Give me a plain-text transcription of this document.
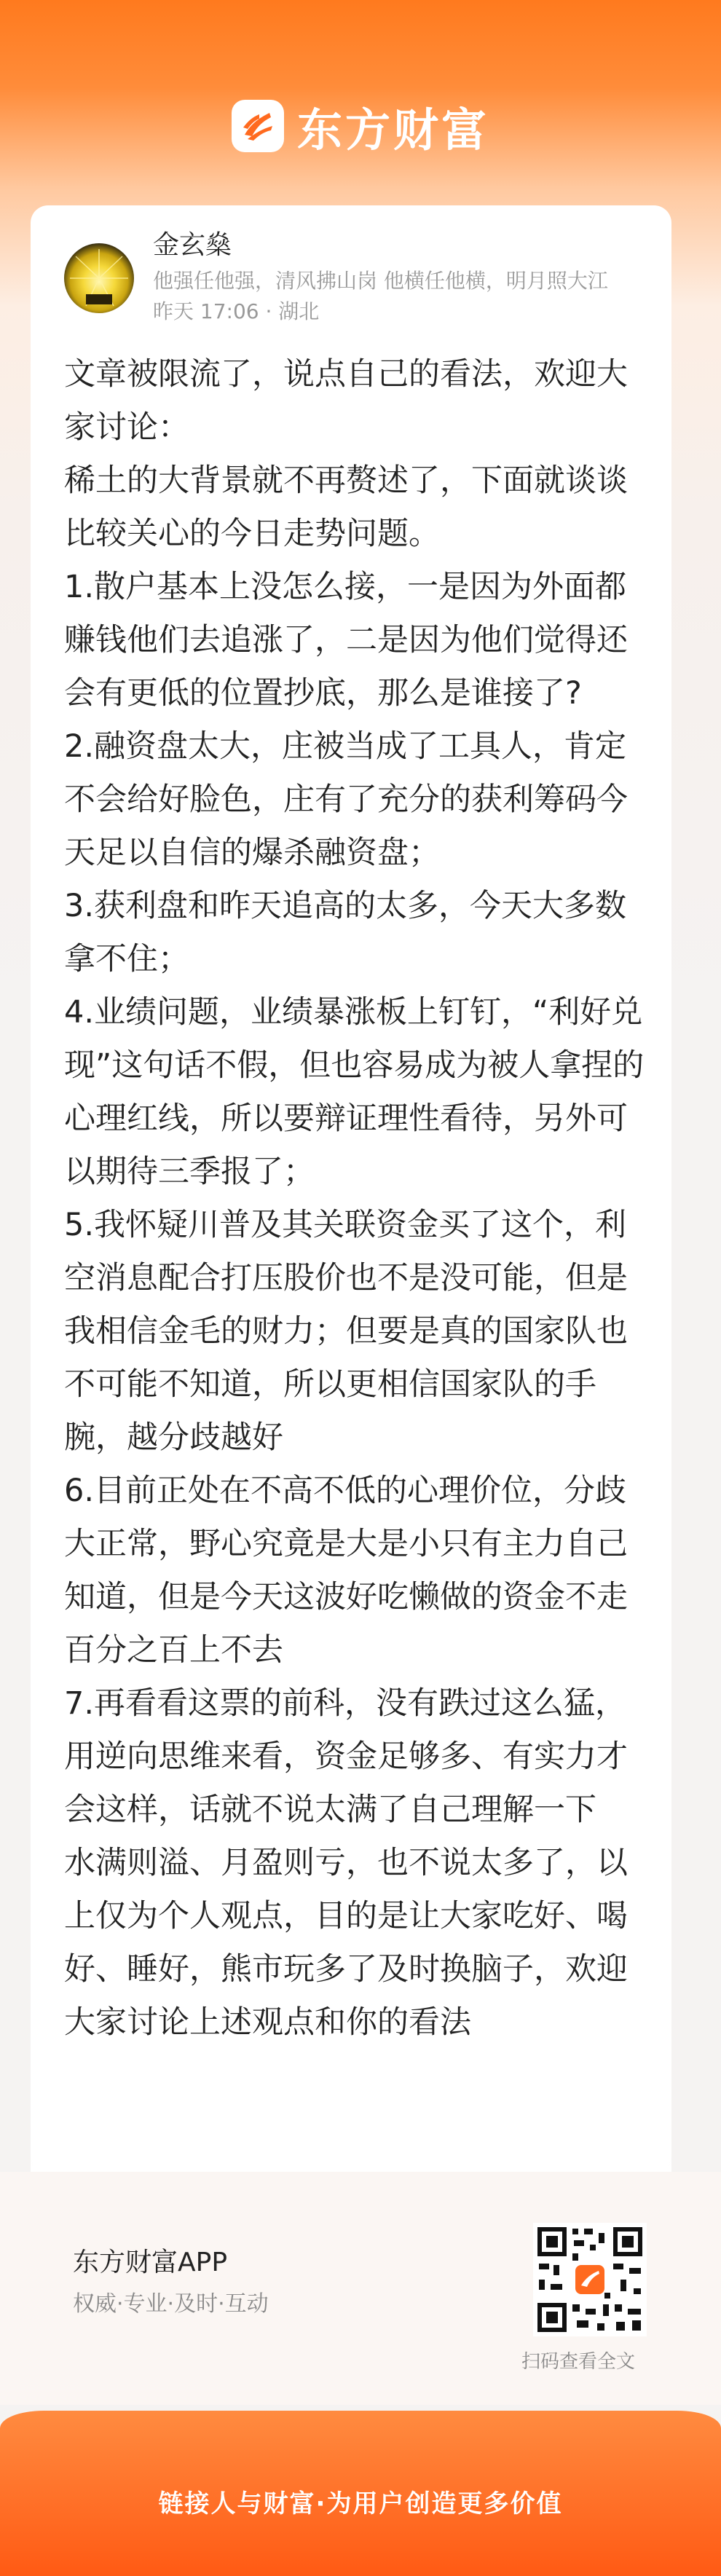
东方财富
金玄燊
他强任他强，清风拂山岗 他横任他横，明月照大江
昨天 17:06 · 湖北

文章被限流了，说点自己的看法，欢迎大家讨论：

稀土的大背景就不再赘述了，下面就谈谈比较关心的今日走势问题。

1.散户基本上没怎么接，一是因为外面都赚钱他们去追涨了，二是因为他们觉得还会有更低的位置抄底，那么是谁接了?

2.融资盘太大，庄被当成了工具人，肯定不会给好脸色，庄有了充分的获利筹码今天足以自信的爆杀融资盘；

3.获利盘和昨天追高的太多，今天大多数拿不住；

4.业绩问题，业绩暴涨板上钉钉，“利好兑现”这句话不假，但也容易成为被人拿捏的心理红线，所以要辩证理性看待，另外可以期待三季报了；

5.我怀疑川普及其关联资金买了这个，利空消息配合打压股价也不是没可能，但是我相信金毛的财力；但要是真的国家队也不可能不知道，所以更相信国家队的手腕，越分歧越好

6.目前正处在不高不低的心理价位，分歧大正常，野心究竟是大是小只有主力自己知道，但是今天这波好吃懒做的资金不走百分之百上不去

7.再看看这票的前科，没有跌过这么猛，用逆向思维来看，资金足够多、有实力才会这样，话就不说太满了自己理解一下

水满则溢、月盈则亏，也不说太多了，以上仅为个人观点，目的是让大家吃好、喝好、睡好，熊市玩多了及时换脑子，欢迎大家讨论上述观点和你的看法

东方财富APP
权威·专业·及时·互动
扫码查看全文
链接人与财富·为用户创造更多价值
